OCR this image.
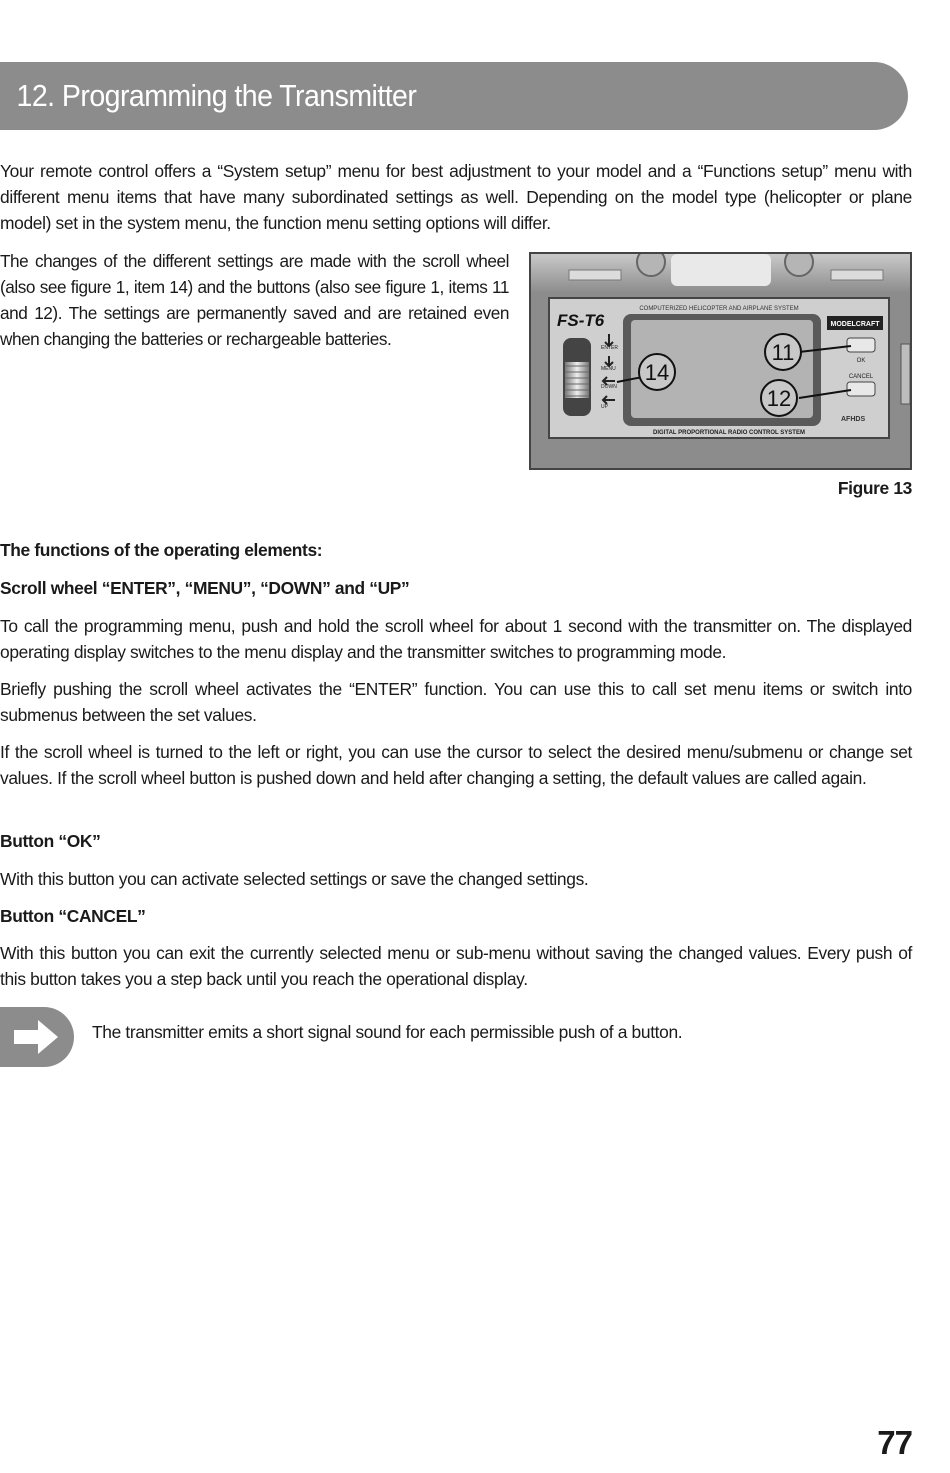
12. Programming the Transmitter

Your remote control offers a “System setup” menu for best adjustment to your model and a “Functions setup” menu with different menu items that have many subordinated settings as well. Depending on the model type (helicopter or plane model) set in the system menu, the function menu setting options will differ.

The changes of the different settings are made with the scroll wheel (also see figure 1, item 14) and the buttons (also see figure 1, items 11 and 12). The settings are permanently saved and are retained even when changing the batteries or rechargeable batteries.

COMPUTERIZED HELICOPTER AND AIRPLANE SYSTEM
FS-T6
ENTER
MENU
DOWN
UP
DIGITAL PROPORTIONAL RADIO CONTROL SYSTEM
AFHDS
MODELCRAFT
OK
CANCEL
14
11
12
Figure 13
The functions of the operating elements:
Scroll wheel “ENTER”, “MENU”, “DOWN” and “UP”

To call the programming menu, push and hold the scroll wheel for about 1 second with the transmitter on. The displayed operating display switches to the menu display and the transmitter switches to programming mode.

Briefly pushing the scroll wheel activates the “ENTER” function. You can use this to call set menu items or switch into submenus between the set values.

If the scroll wheel is turned to the left or right, you can use the cursor to select the desired menu/submenu or change set values. If the scroll wheel button is pushed down and held after changing a setting, the default values are called again.

Button “OK”

With this button you can activate selected settings or save the changed settings.

Button “CANCEL”

With this button you can exit the currently selected menu or sub-menu without saving the changed values. Every push of this button takes you a step back until you reach the operational display.

The transmitter emits a short signal sound for each permissible push of a button.
77
